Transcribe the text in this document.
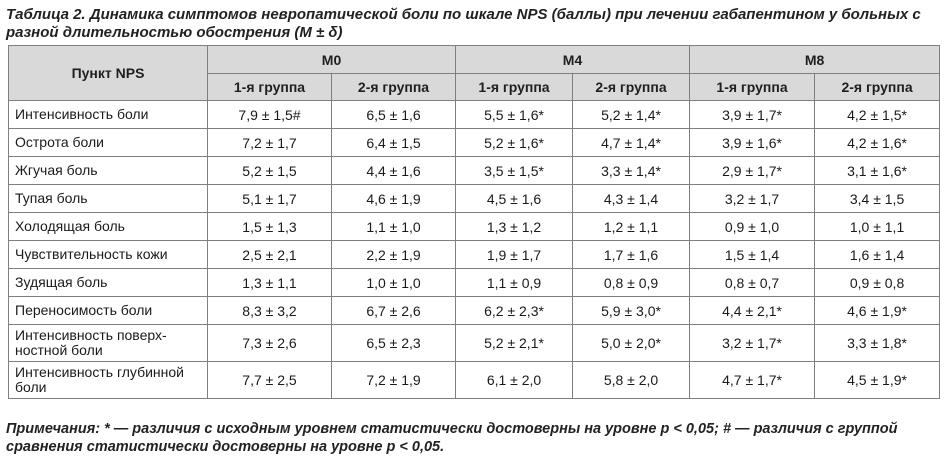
Таблица 2. Динамика симптомов невропатической боли по шкале NPS (баллы) при лечении габапентином у больных с разной длительностью обострения (M ± δ)
Пункт NPS	M0		M4		M8	
	1-я группа	2-я группа	1-я группа	2-я группа	1-я группа	2-я группа
Интенсивность боли	7,9 ± 1,5#	6,5 ± 1,6	5,5 ± 1,6*	5,2 ± 1,4*	3,9 ± 1,7*	4,2 ± 1,5*
Острота боли	7,2 ± 1,7	6,4 ± 1,5	5,2 ± 1,6*	4,7 ± 1,4*	3,9 ± 1,6*	4,2 ± 1,6*
Жгучая боль	5,2 ± 1,5	4,4 ± 1,6	3,5 ± 1,5*	3,3 ± 1,4*	2,9 ± 1,7*	3,1 ± 1,6*
Тупая боль	5,1 ± 1,7	4,6 ± 1,9	4,5 ± 1,6	4,3 ± 1,4	3,2 ± 1,7	3,4 ± 1,5
Холодящая боль	1,5 ± 1,3	1,1 ± 1,0	1,3 ± 1,2	1,2 ± 1,1	0,9 ± 1,0	1,0 ± 1,1
Чувствительность кожи	2,5 ± 2,1	2,2 ± 1,9	1,9 ± 1,7	1,7 ± 1,6	1,5 ± 1,4	1,6 ± 1,4
Зудящая боль	1,3 ± 1,1	1,0 ± 1,0	1,1 ± 0,9	0,8 ± 0,9	0,8 ± 0,7	0,9 ± 0,8
Переносимость боли	8,3 ± 3,2	6,7 ± 2,6	6,2 ± 2,3*	5,9 ± 3,0*	4,4 ± 2,1*	4,6 ± 1,9*
Интенсивность поверх-ностной боли	7,3 ± 2,6	6,5 ± 2,3	5,2 ± 2,1*	5,0 ± 2,0*	3,2 ± 1,7*	3,3 ± 1,8*
Интенсивность глубинной боли	7,7 ± 2,5	7,2 ± 1,9	6,1 ± 2,0	5,8 ± 2,0	4,7 ± 1,7*	4,5 ± 1,9*
Примечания: * — различия с исходным уровнем статистически достоверны на уровне p < 0,05; # — различия с группой сравнения статистически достоверны на уровне p < 0,05.
